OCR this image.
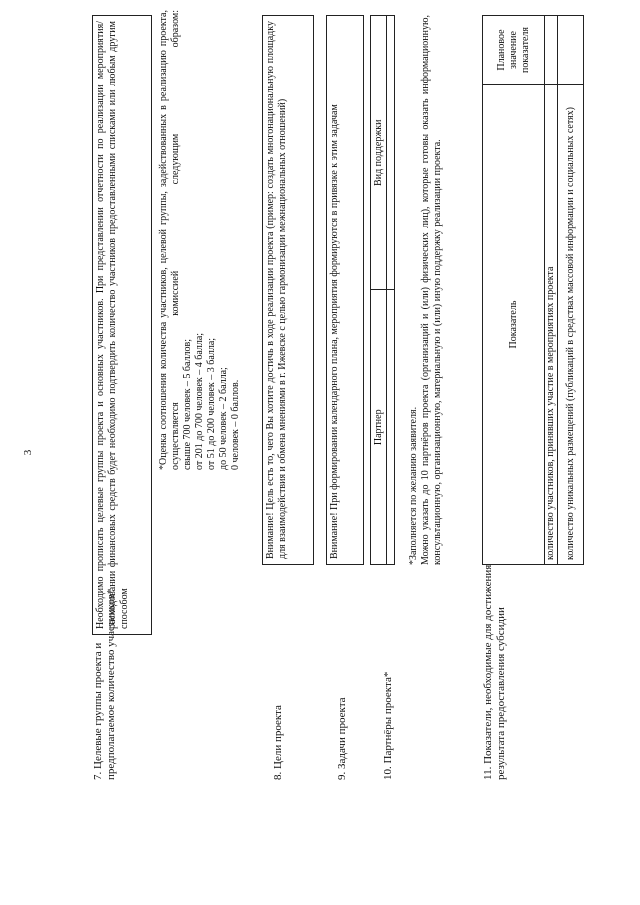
3
7. Целевые группы проекта и предполагаемое количество участников*
Необходимо прописать целевые группы проекта и основных участников. При представлении отчетности по реализации мероприятия/расходовании финансовых средств будет необходимо подтвердить количество участников предоставленными списками или любым другим способом
*Оценка соотношения количества участников, целевой группы, задействованных в реализацию проекта, осуществляется комиссией следующим образом: свыше 700 человек – 5 баллов; от 201 до 700 человек – 4 балла; от 51 до 200 человек – 3 балла; до 50 человек – 2 балла; 0 человек – 0 баллов.
8. Цели проекта
Внимание! Цель есть то, чего Вы хотите достичь в ходе реализации проекта (пример: создать многонациональную площадку для взаимодействия и обмена мнениями в г. Ижевске с целью гармонизации межнациональных отношений)
9. Задачи проекта
Внимание! При формировании календарного плана, мероприятия формируются в привязке к этим задачам
10. Партнёры проекта*
Партнер	Вид поддержки

*Заполняется по желанию заявителя. Можно указать до 10 партнёров проекта (организаций и (или) физических лиц), которые готовы оказать информационную, консультационную, организационную, материальную и (или) иную поддержку реализации проекта.
11. Показатели, необходимые для достижения результата предоставления субсидии
Показатель	Плановое значение показателя
количество участников, принявших участие в мероприятиях проекта	
количество уникальных размещений (публикаций в средствах массовой информации и социальных сетях)	
